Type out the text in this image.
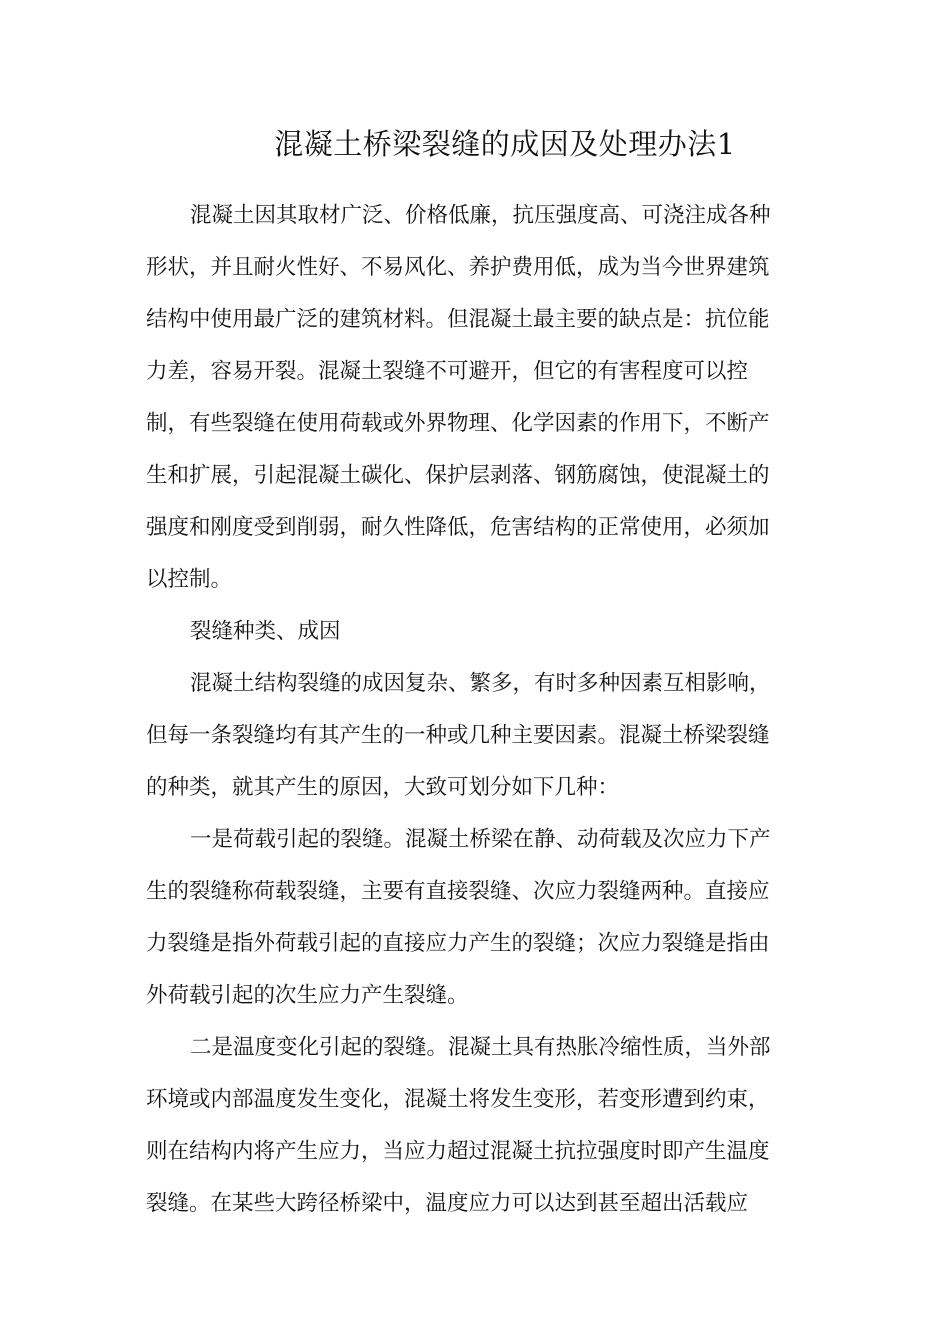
混凝土桥梁裂缝的成因及处理办法1
混凝土因其取材广泛、价格低廉，抗压强度高、可浇注成各种
形状，并且耐火性好、不易风化、养护费用低，成为当今世界建筑
结构中使用最广泛的建筑材料。但混凝土最主要的缺点是：抗位能
力差，容易开裂。混凝土裂缝不可避开，但它的有害程度可以控
制，有些裂缝在使用荷载或外界物理、化学因素的作用下，不断产
生和扩展，引起混凝土碳化、保护层剥落、钢筋腐蚀，使混凝土的
强度和刚度受到削弱，耐久性降低，危害结构的正常使用，必须加
以控制。
裂缝种类、成因
混凝土结构裂缝的成因复杂、繁多，有时多种因素互相影响，
但每一条裂缝均有其产生的一种或几种主要因素。混凝土桥梁裂缝
的种类，就其产生的原因，大致可划分如下几种：
一是荷载引起的裂缝。混凝土桥梁在静、动荷载及次应力下产
生的裂缝称荷载裂缝，主要有直接裂缝、次应力裂缝两种。直接应
力裂缝是指外荷载引起的直接应力产生的裂缝；次应力裂缝是指由
外荷载引起的次生应力产生裂缝。
二是温度变化引起的裂缝。混凝土具有热胀冷缩性质，当外部
环境或内部温度发生变化，混凝土将发生变形，若变形遭到约束，
则在结构内将产生应力，当应力超过混凝土抗拉强度时即产生温度
裂缝。在某些大跨径桥梁中，温度应力可以达到甚至超出活载应
